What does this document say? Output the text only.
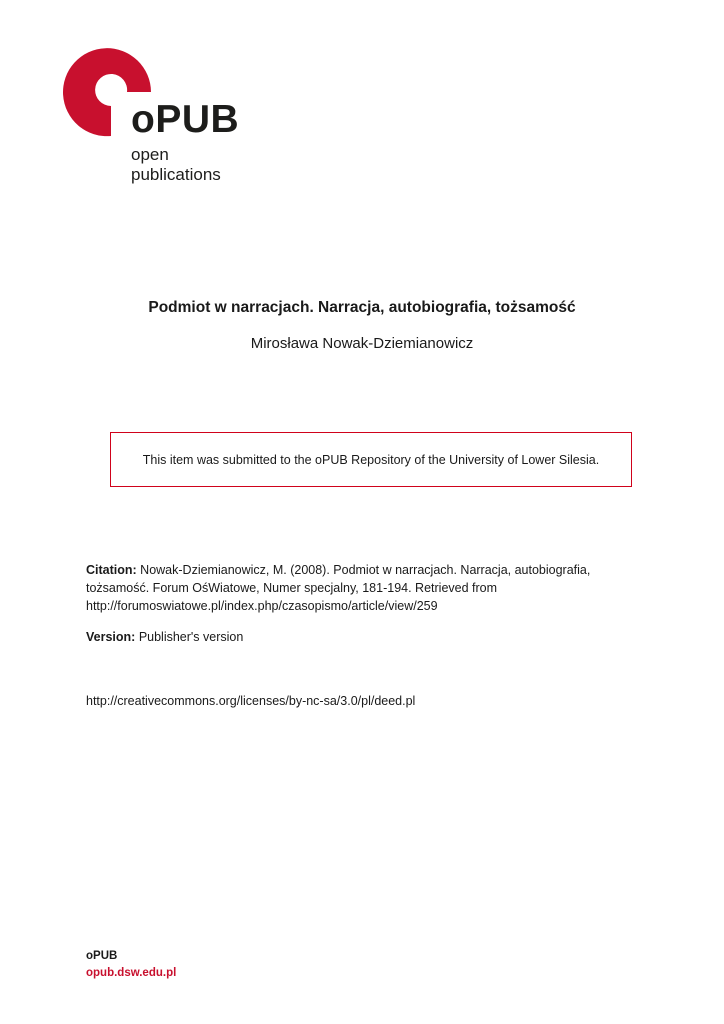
oPUB
open
publications
Podmiot w narracjach. Narracja, autobiografia, tożsamość
Mirosława Nowak-Dziemianowicz
This item was submitted to the oPUB Repository of the University of Lower Silesia.
Citation: Nowak-Dziemianowicz, M. (2008). Podmiot w narracjach. Narracja, autobiografia, tożsamość. Forum OśWiatowe, Numer specjalny, 181-194. Retrieved from http://forumoswiatowe.pl/index.php/czasopismo/article/view/259
Version: Publisher's version
http://creativecommons.org/licenses/by-nc-sa/3.0/pl/deed.pl
oPUB
opub.dsw.edu.pl
